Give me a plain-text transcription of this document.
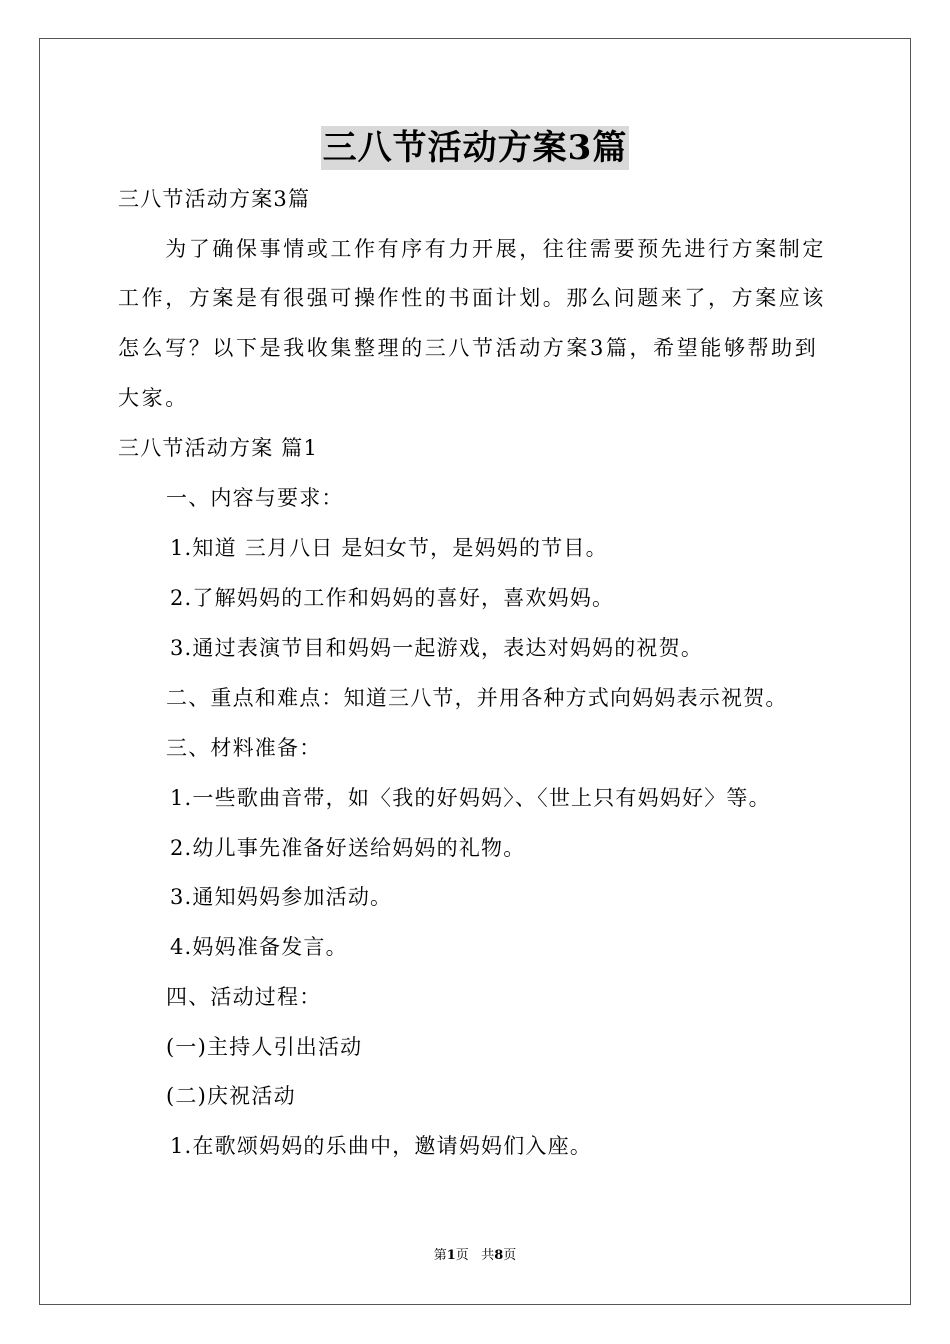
三八节活动方案3篇
三八节活动方案3篇
　　为了确保事情或工作有序有力开展，往往需要预先进行方案制定
工作，方案是有很强可操作性的书面计划。那么问题来了，方案应该
怎么写？以下是我收集整理的三八节活动方案3篇，希望能够帮助到
大家。
三八节活动方案 篇1
一、内容与要求：
1.知道 三月八日 是妇女节，是妈妈的节目。
2.了解妈妈的工作和妈妈的喜好，喜欢妈妈。
3.通过表演节目和妈妈一起游戏，表达对妈妈的祝贺。
二、重点和难点：知道三八节，并用各种方式向妈妈表示祝贺。
三、材料准备：
1.一些歌曲音带，如〈我的好妈妈〉、〈世上只有妈妈好〉等。
2.幼儿事先准备好送给妈妈的礼物。
3.通知妈妈参加活动。
4.妈妈准备发言。
四、活动过程：
(一)主持人引出活动
(二)庆祝活动
1.在歌颂妈妈的乐曲中，邀请妈妈们入座。
第1页 共8页
